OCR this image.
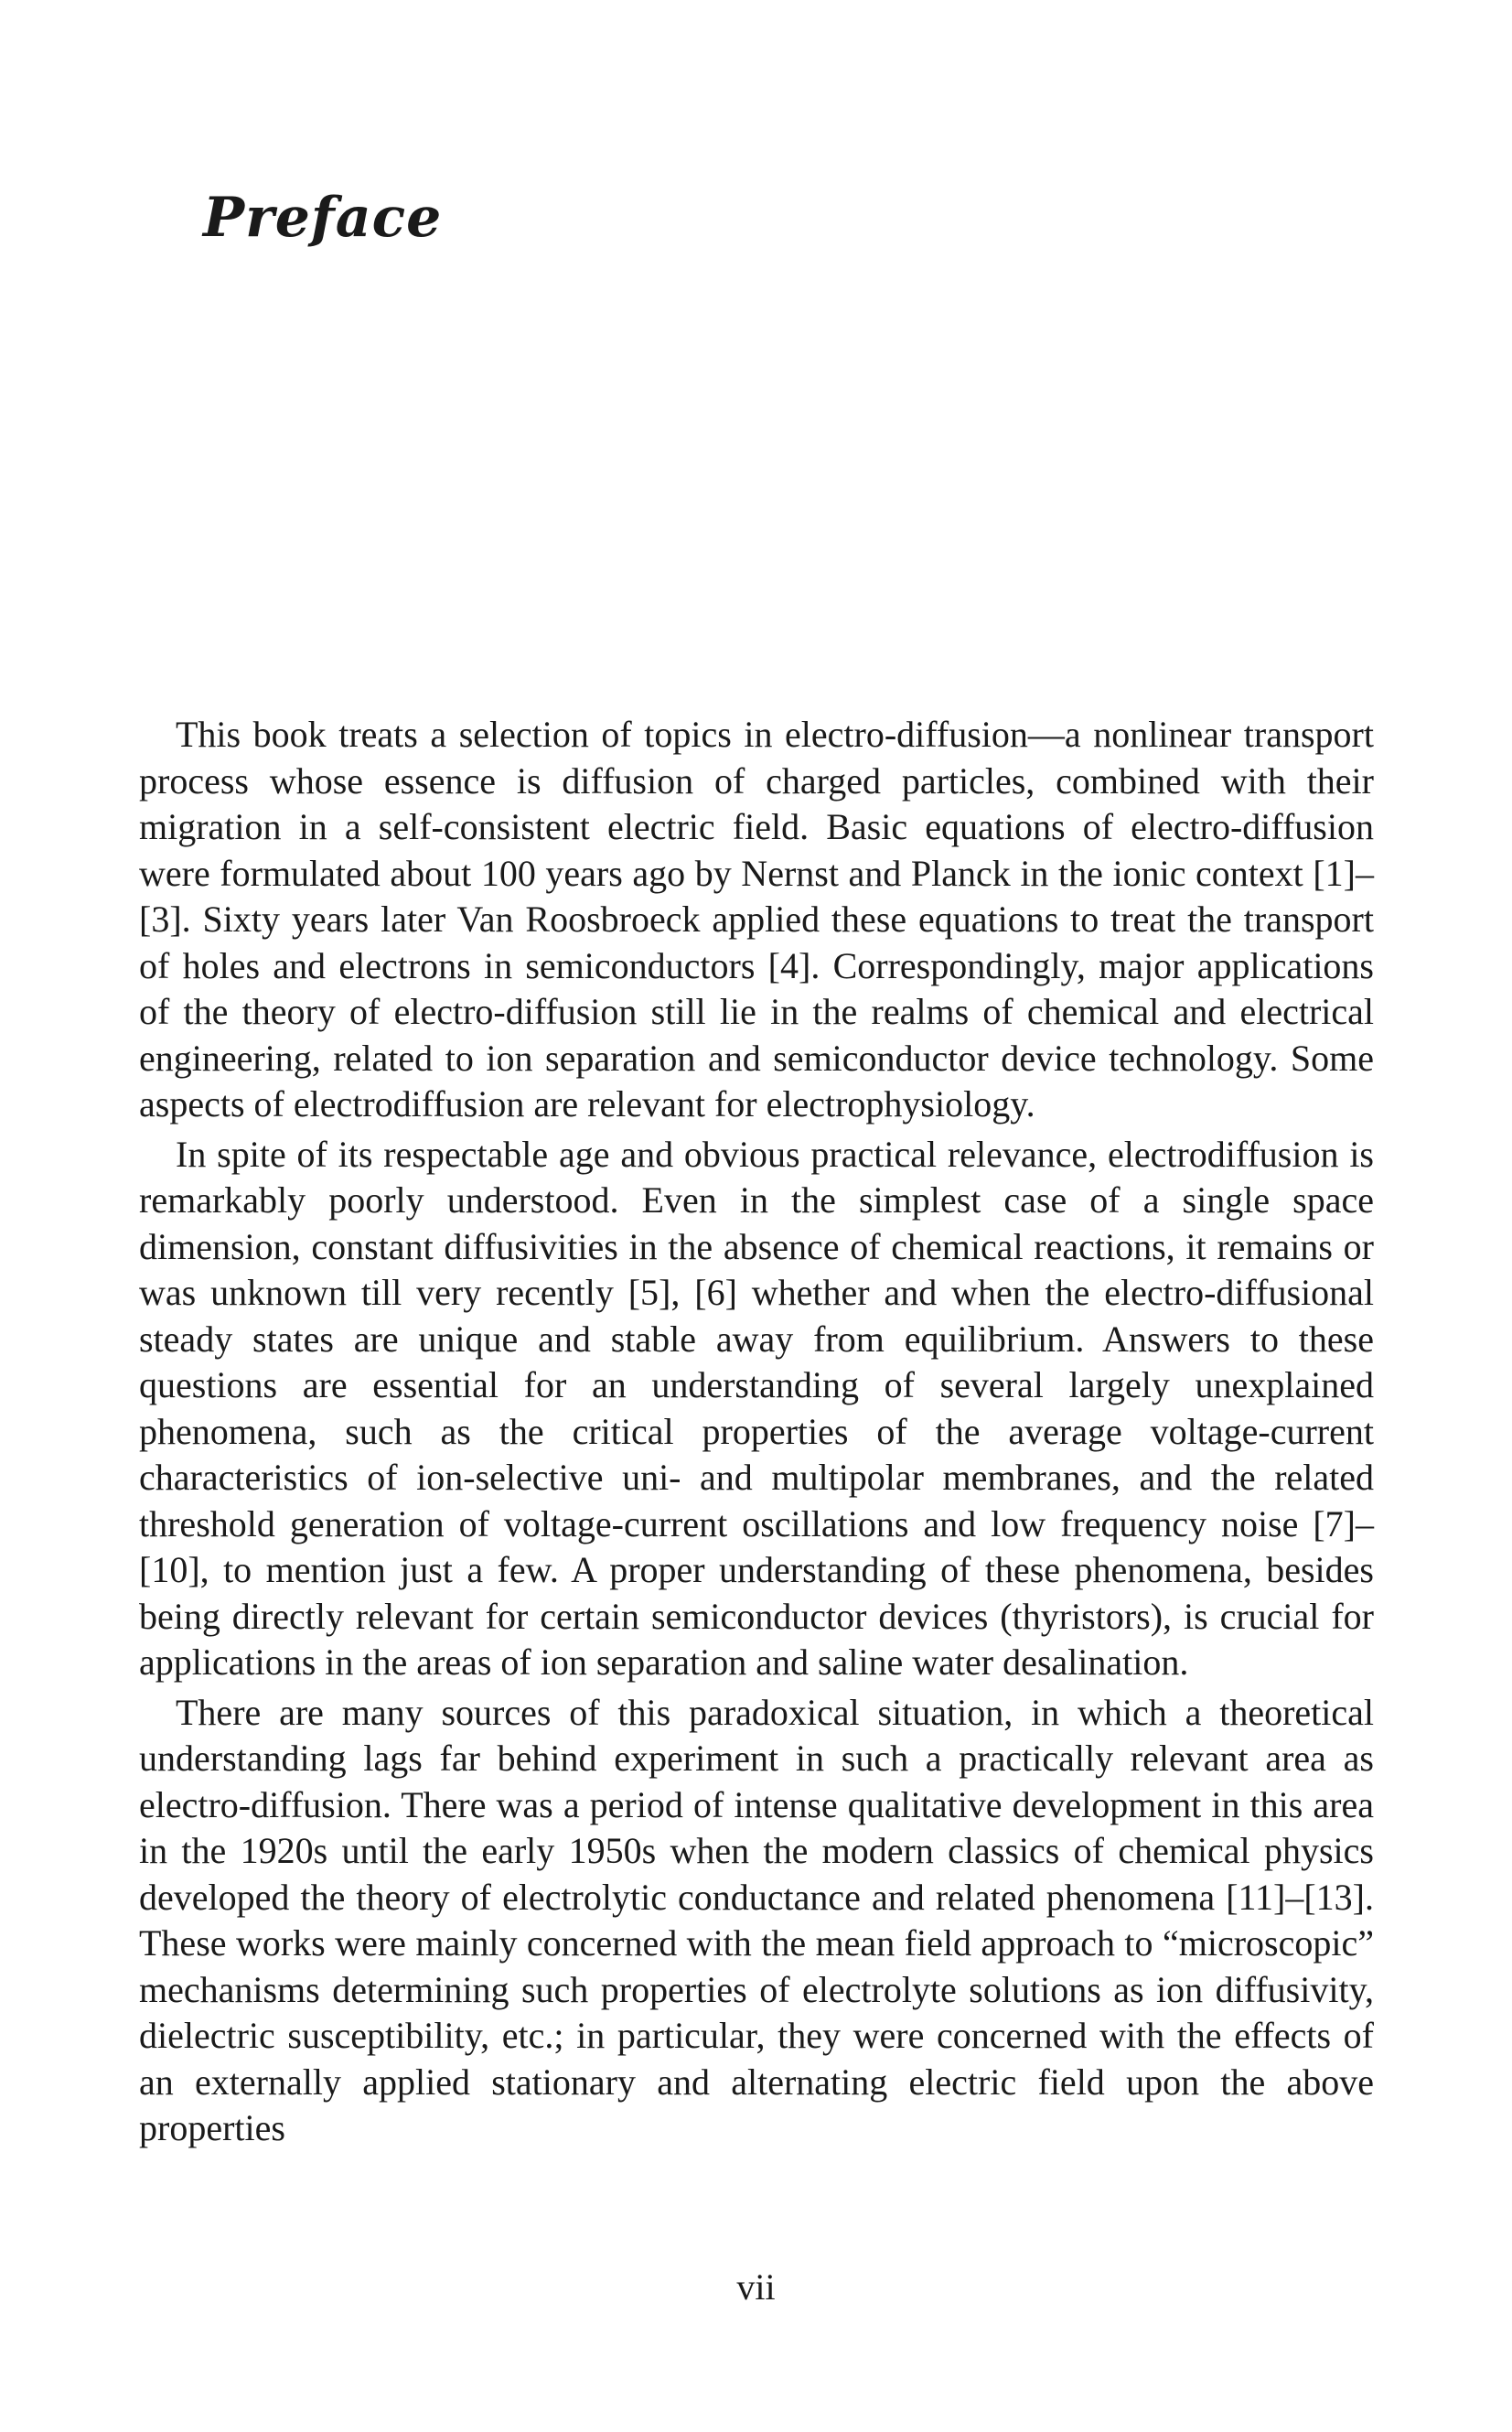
Preface

This book treats a selection of topics in electro-diffusion—a nonlinear transport process whose essence is diffusion of charged particles, combined with their migration in a self-consistent electric field. Basic equations of electro-diffusion were formulated about 100 years ago by Nernst and Planck in the ionic context [1]–[3]. Sixty years later Van Roosbroeck applied these equations to treat the transport of holes and electrons in semiconductors [4]. Correspondingly, major applications of the theory of electro-diffusion still lie in the realms of chemical and electrical engineering, related to ion separation and semiconductor device technology. Some aspects of electrodiffusion are relevant for electrophysiology.

In spite of its respectable age and obvious practical relevance, electrodiffusion is remarkably poorly understood. Even in the simplest case of a single space dimension, constant diffusivities in the absence of chemical reactions, it remains or was unknown till very recently [5], [6] whether and when the electro-diffusional steady states are unique and stable away from equilibrium. Answers to these questions are essential for an understanding of several largely unexplained phenomena, such as the critical properties of the average voltage-current characteristics of ion-selective uni- and multipolar membranes, and the related threshold generation of voltage-current oscillations and low frequency noise [7]–[10], to mention just a few. A proper understanding of these phenomena, besides being directly relevant for certain semiconductor devices (thyristors), is crucial for applications in the areas of ion separation and saline water desalination.

There are many sources of this paradoxical situation, in which a theoretical understanding lags far behind experiment in such a practically relevant area as electro-diffusion. There was a period of intense qualitative development in this area in the 1920s until the early 1950s when the modern classics of chemical physics developed the theory of electrolytic conductance and related phenomena [11]–[13]. These works were mainly concerned with the mean field approach to “microscopic” mechanisms determining such properties of electrolyte solutions as ion diffusivity, dielectric susceptibility, etc.; in particular, they were concerned with the effects of an externally applied stationary and alternating electric field upon the above properties

vii
